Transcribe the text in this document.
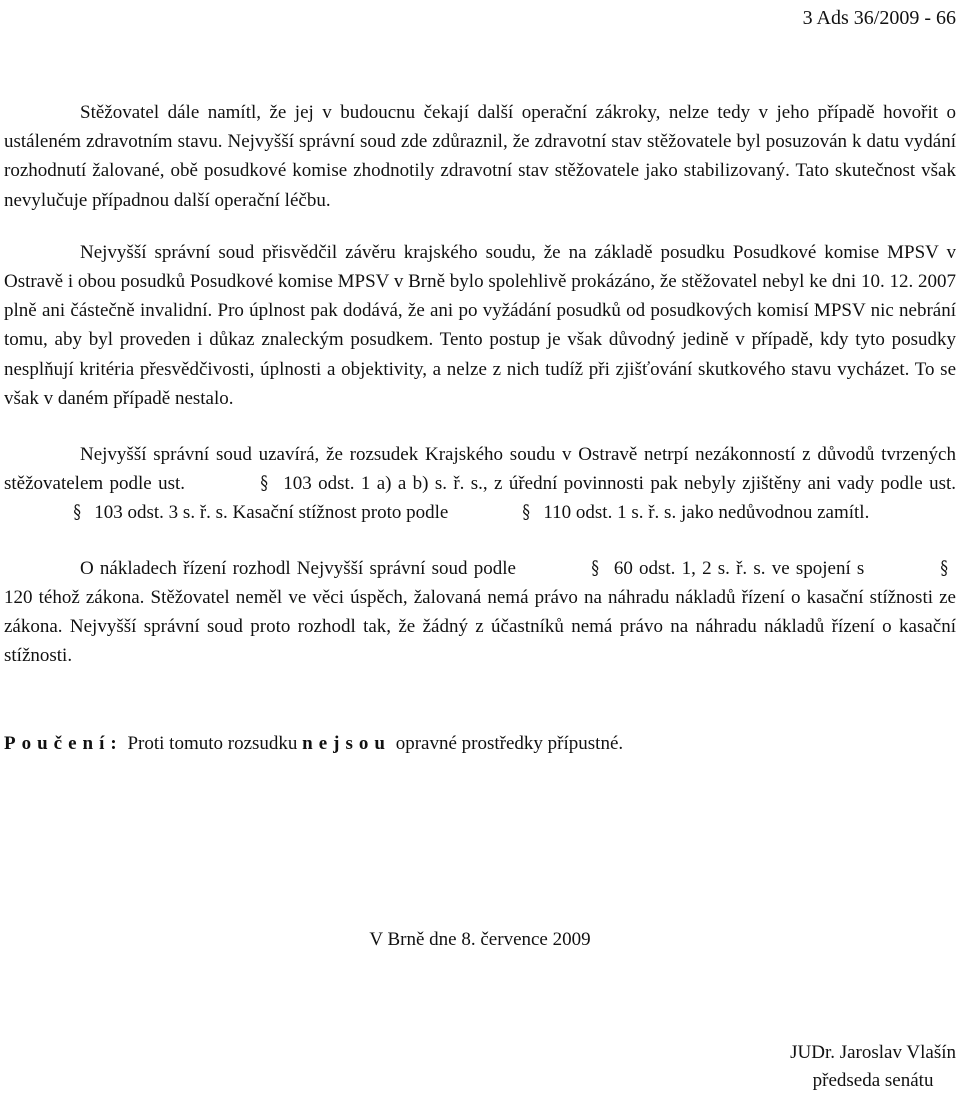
3 Ads 36/2009 - 66

Stěžovatel dále namítl, že jej v budoucnu čekají další operační zákroky, nelze tedy v jeho případě hovořit o ustáleném zdravotním stavu. Nejvyšší správní soud zde zdůraznil, že zdravotní stav stěžovatele byl posuzován k datu vydání rozhodnutí žalované, obě posudkové komise zhodnotily zdravotní stav stěžovatele jako stabilizovaný. Tato skutečnost však nevylučuje případnou další operační léčbu.

Nejvyšší správní soud přisvědčil závěru krajského soudu, že na základě posudku Posudkové komise MPSV v Ostravě i obou posudků Posudkové komise MPSV v Brně bylo spolehlivě prokázáno, že stěžovatel nebyl ke dni 10. 12. 2007 plně ani částečně invalidní. Pro úplnost pak dodává, že ani po vyžádání posudků od posudkových komisí MPSV nic nebrání tomu, aby byl proveden i důkaz znaleckým posudkem. Tento postup je však důvodný jedině v případě, kdy tyto posudky nesplňují kritéria přesvědčivosti, úplnosti a objektivity, a nelze z nich tudíž při zjišťování skutkového stavu vycházet. To se však v daném případě nestalo.

Nejvyšší správní soud uzavírá, že rozsudek Krajského soudu v Ostravě netrpí nezákonností z důvodů tvrzených stěžovatelem podle ust.	§ 103 odst. 1 a) a b) s. ř. s., z úřední povinnosti pak nebyly zjištěny ani vady podle ust. § 103 odst. 3 s. ř. s. Kasační stížnost proto podle	§ 110 odst. 1 s. ř. s. jako nedůvodnou zamítl.

O nákladech řízení rozhodl Nejvyšší správní soud podle	§ 60 odst. 1, 2 s. ř. s. ve spojení s	§ 120 téhož zákona. Stěžovatel neměl ve věci úspěch, žalovaná nemá právo na náhradu nákladů řízení o kasační stížnosti ze zákona. Nejvyšší správní soud proto rozhodl tak, že žádný z účastníků nemá právo na náhradu nákladů řízení o kasační stížnosti.

Poučení: Proti tomuto rozsudku nejsou opravné prostředky přípustné.

V Brně dne 8. července 2009
JUDr. Jaroslav Vlašín
předseda senátu
